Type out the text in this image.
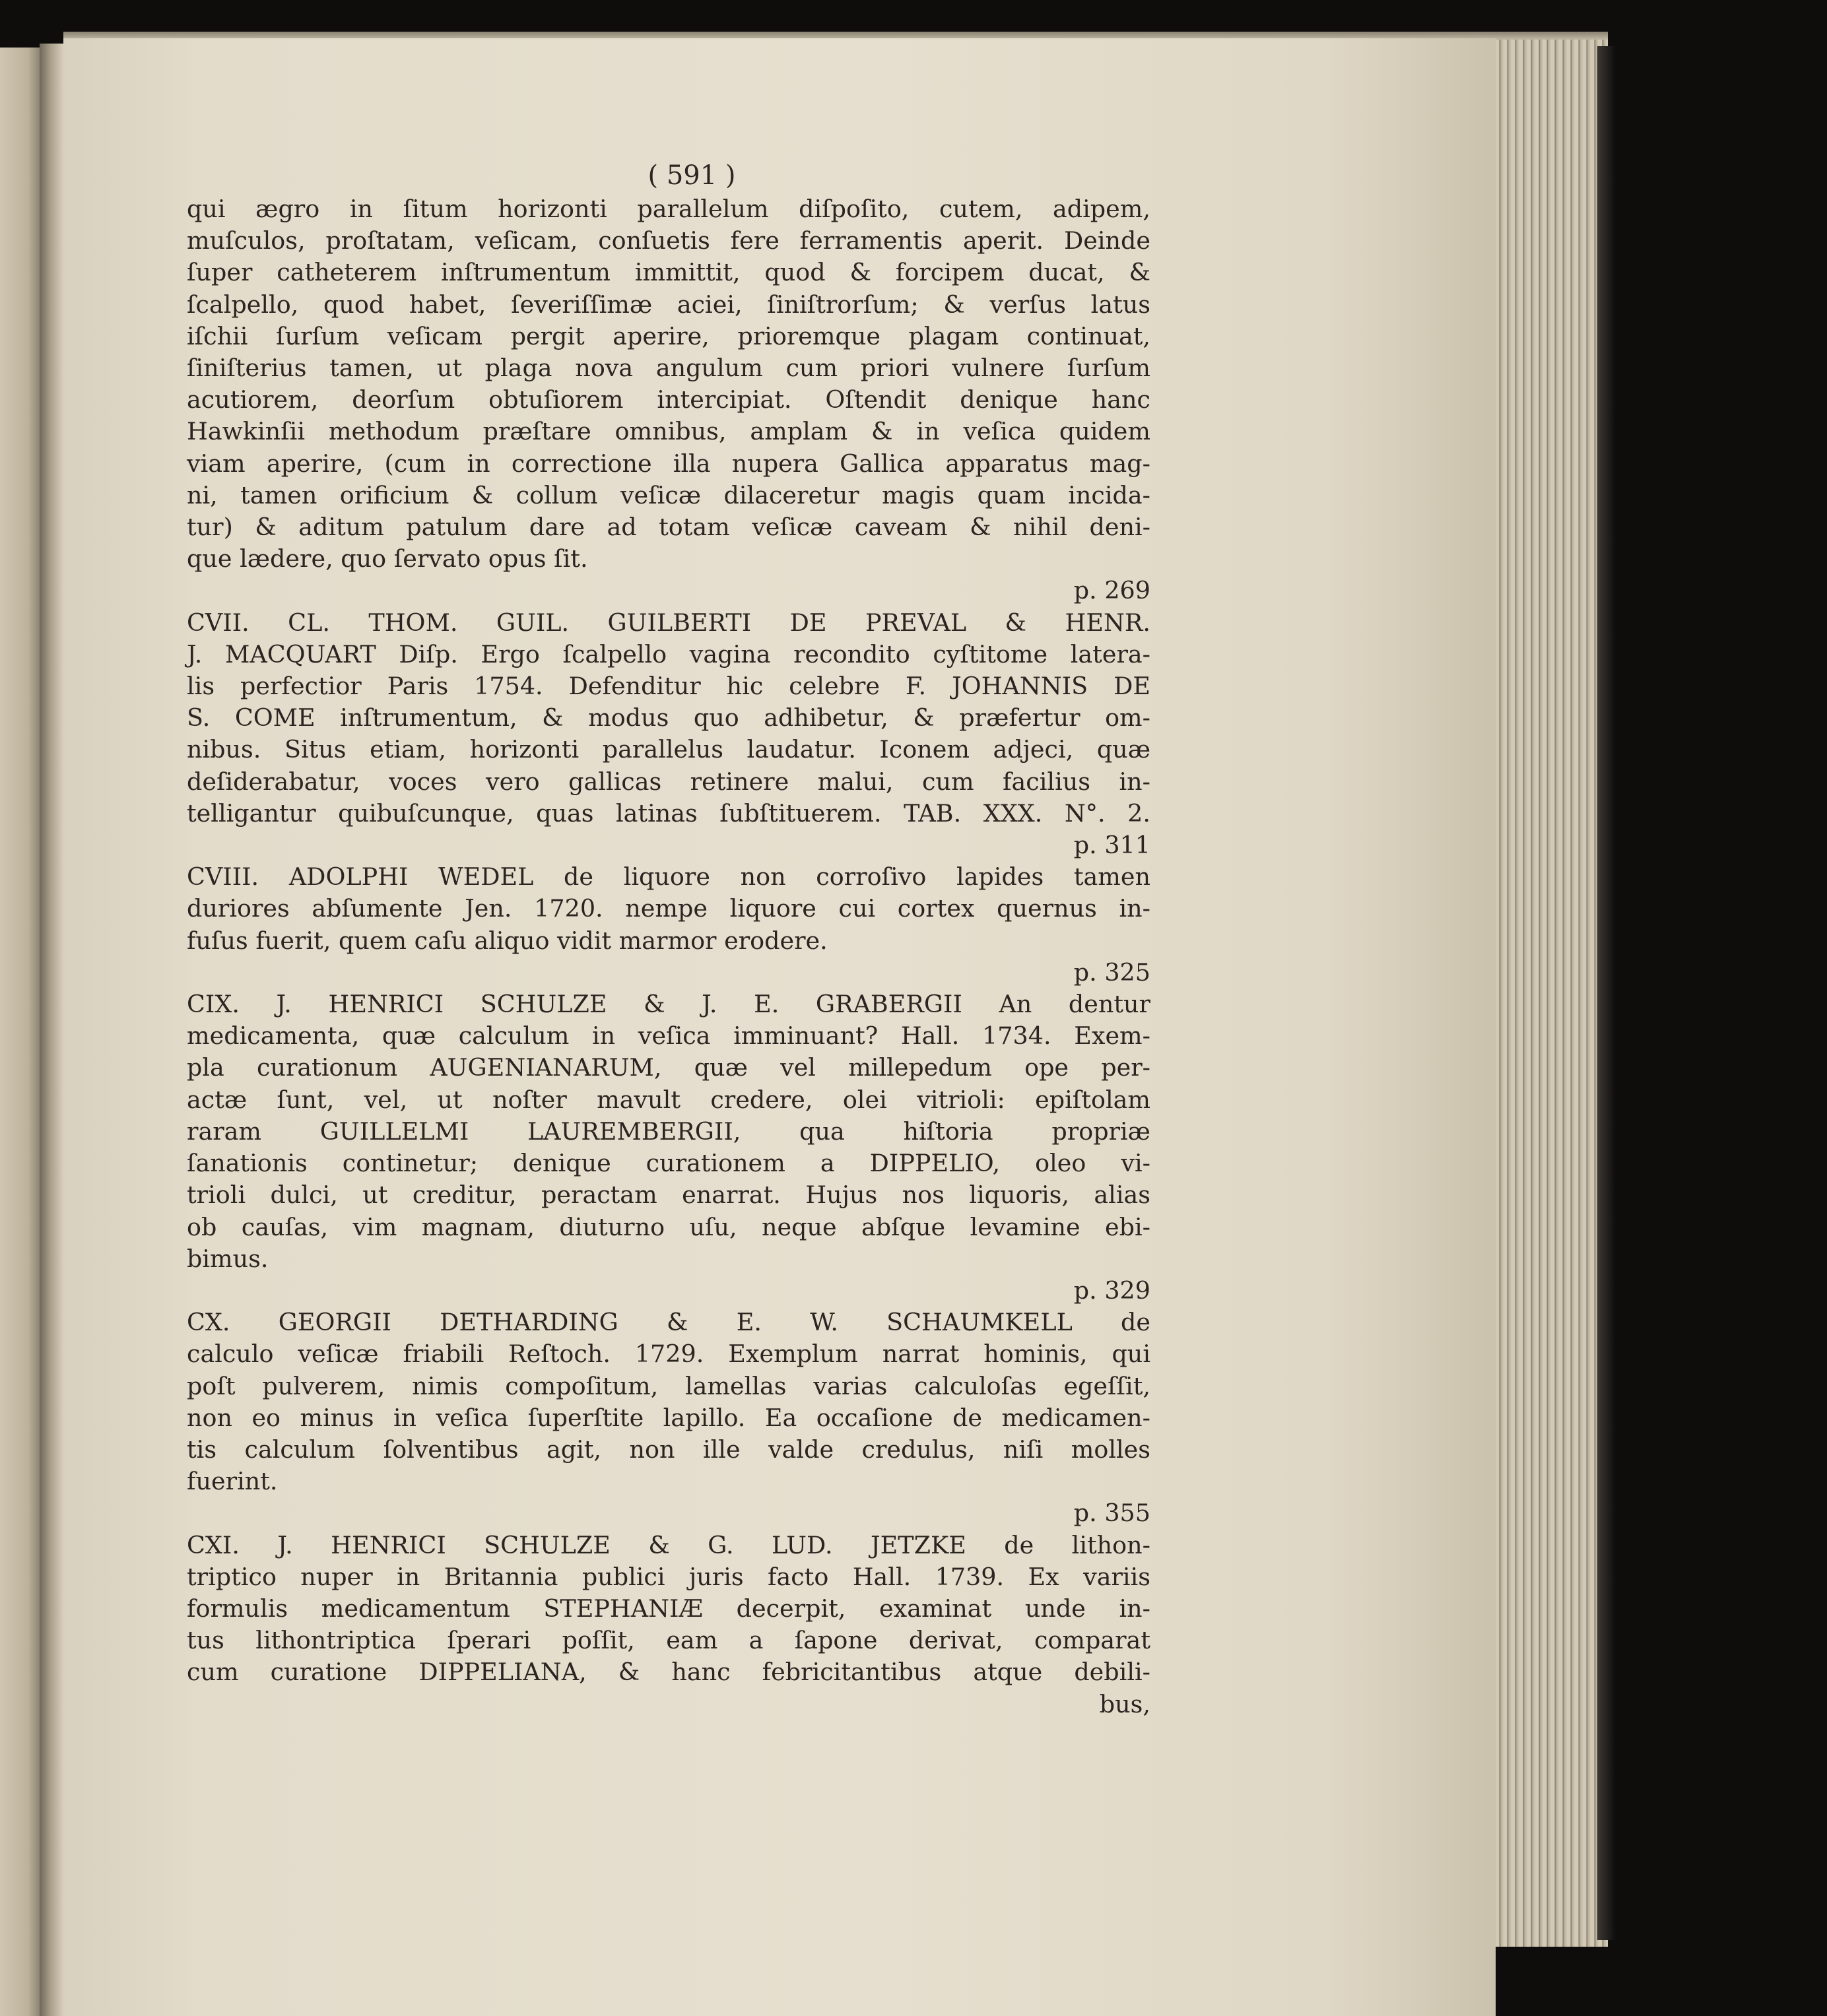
( 591 )
qui ægro in ſitum horizonti parallelum diſpoſito, cutem, adipem,
muſculos, proſtatam, veſicam, conſuetis fere ferramentis aperit. Deinde
ſuper catheterem inſtrumentum immittit, quod & forcipem ducat, &
ſcalpello, quod habet, ſeveriſſimæ aciei, ſiniſtrorſum; & verſus latus
iſchii ſurſum veſicam pergit aperire, prioremque plagam continuat,
ſiniſterius tamen, ut plaga nova angulum cum priori vulnere ſurſum
acutiorem, deorſum obtuſiorem intercipiat. Oſtendit denique hanc
Hawkinſii methodum præſtare omnibus, amplam & in veſica quidem
viam aperire, (cum in correctione illa nupera Gallica apparatus mag-
ni, tamen orificium & collum veſicæ dilaceretur magis quam incida-
tur) & aditum patulum dare ad totam veſicæ caveam & nihil deni-
que lædere, quo ſervato opus ſit.
p. 269
CVII. CL. THOM. GUIL. GUILBERTI DE PREVAL & HENR.
J. MACQUART Diſp. Ergo ſcalpello vagina recondito cyſtitome latera-
lis perfectior Paris 1754. Defenditur hic celebre F. JOHANNIS DE
S. COME inſtrumentum, & modus quo adhibetur, & præfertur om-
nibus. Situs etiam, horizonti parallelus laudatur. Iconem adjeci, quæ
deſiderabatur, voces vero gallicas retinere malui, cum facilius in-
telligantur quibuſcunque, quas latinas ſubſtituerem. TAB. XXX. N°. 2.
p. 311
CVIII. ADOLPHI WEDEL de liquore non corroſivo lapides tamen
duriores abſumente Jen. 1720. nempe liquore cui cortex quernus in-
fuſus fuerit, quem caſu aliquo vidit marmor erodere.
p. 325
CIX. J. HENRICI SCHULZE & J. E. GRABERGII An dentur
medicamenta, quæ calculum in veſica imminuant? Hall. 1734. Exem-
pla curationum AUGENIANARUM, quæ vel millepedum ope per-
actæ ſunt, vel, ut noſter mavult credere, olei vitrioli: epiſtolam
raram GUILLELMI LAUREMBERGII, qua hiſtoria propriæ
ſanationis continetur; denique curationem a DIPPELIO, oleo vi-
trioli dulci, ut creditur, peractam enarrat. Hujus nos liquoris, alias
ob cauſas, vim magnam, diuturno uſu, neque abſque levamine ebi-
bimus.
p. 329
CX. GEORGII DETHARDING & E. W. SCHAUMKELL de
calculo veſicæ friabili Reſtoch. 1729. Exemplum narrat hominis, qui
poſt pulverem, nimis compoſitum, lamellas varias calculoſas egeſſit,
non eo minus in veſica ſuperſtite lapillo. Ea occaſione de medicamen-
tis calculum ſolventibus agit, non ille valde credulus, niſi molles
fuerint.
p. 355
CXI. J. HENRICI SCHULZE & G. LUD. JETZKE de lithon-
triptico nuper in Britannia publici juris facto Hall. 1739. Ex variis
formulis medicamentum STEPHANIÆ decerpit, examinat unde in-
tus lithontriptica ſperari poſſit, eam a ſapone derivat, comparat
cum curatione DIPPELIANA, & hanc febricitantibus atque debili-
bus,
